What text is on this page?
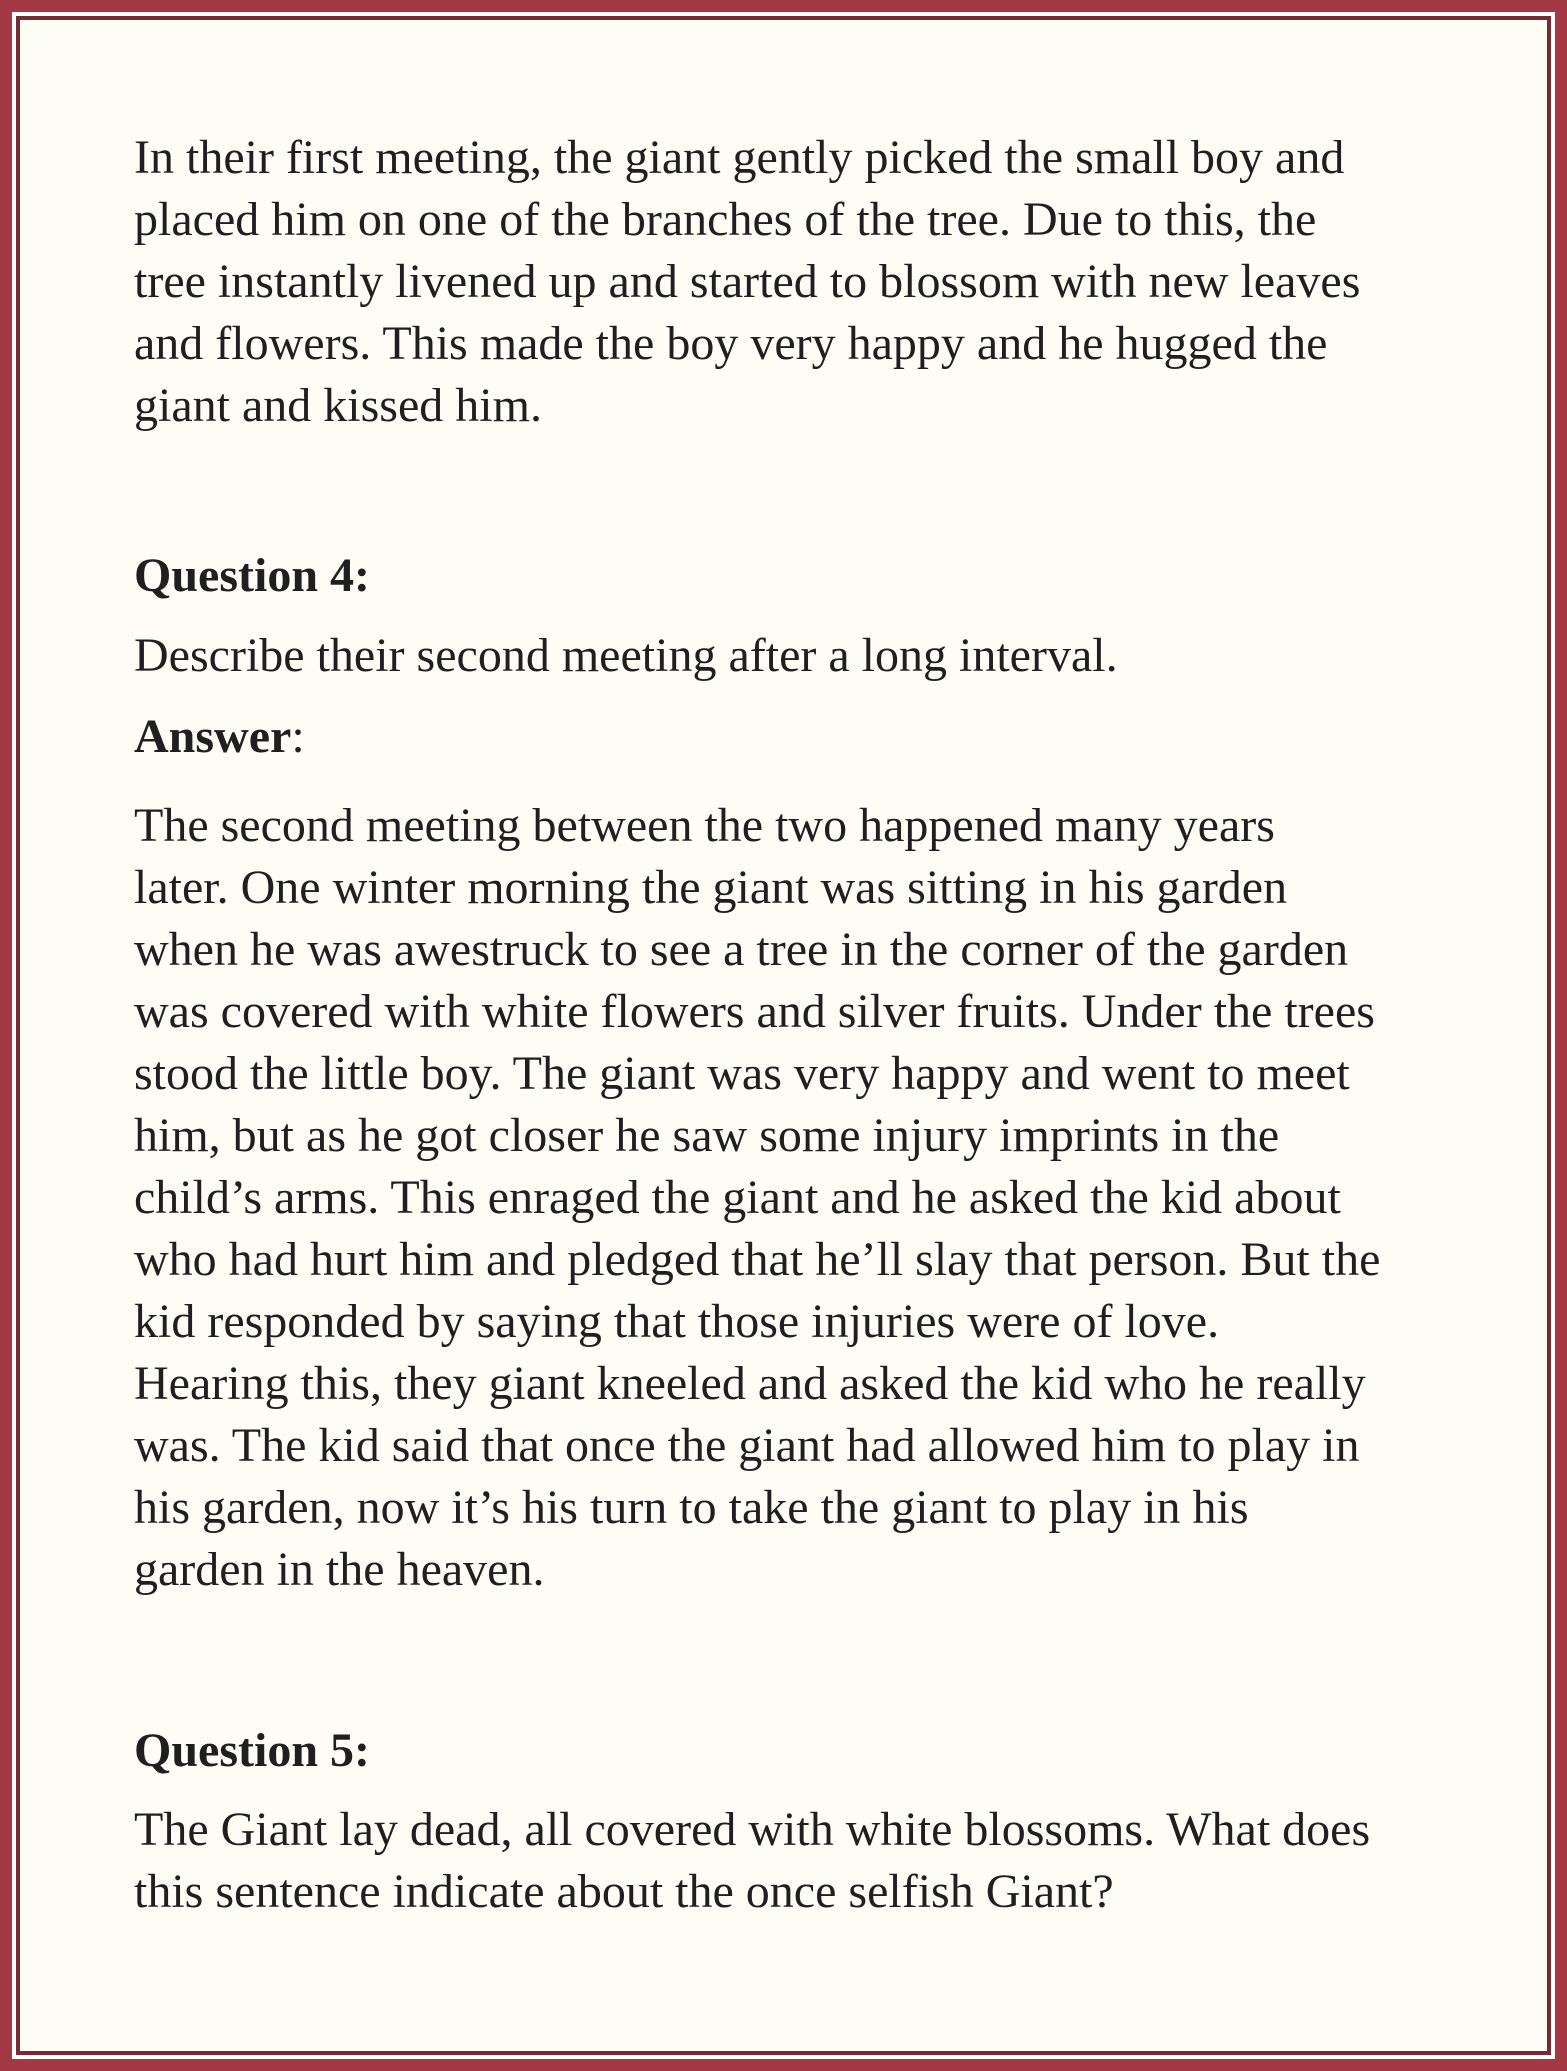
In their first meeting, the giant gently picked the small boy and
placed him on one of the branches of the tree. Due to this, the
tree instantly livened up and started to blossom with new leaves
and flowers. This made the boy very happy and he hugged the
giant and kissed him.
Question 4:
Describe their second meeting after a long interval.
Answer:
The second meeting between the two happened many years
later. One winter morning the giant was sitting in his garden
when he was awestruck to see a tree in the corner of the garden
was covered with white flowers and silver fruits. Under the trees
stood the little boy. The giant was very happy and went to meet
him, but as he got closer he saw some injury imprints in the
child’s arms. This enraged the giant and he asked the kid about
who had hurt him and pledged that he’ll slay that person. But the
kid responded by saying that those injuries were of love.
Hearing this, they giant kneeled and asked the kid who he really
was. The kid said that once the giant had allowed him to play in
his garden, now it’s his turn to take the giant to play in his
garden in the heaven.
Question 5:
The Giant lay dead, all covered with white blossoms. What does
this sentence indicate about the once selfish Giant?
